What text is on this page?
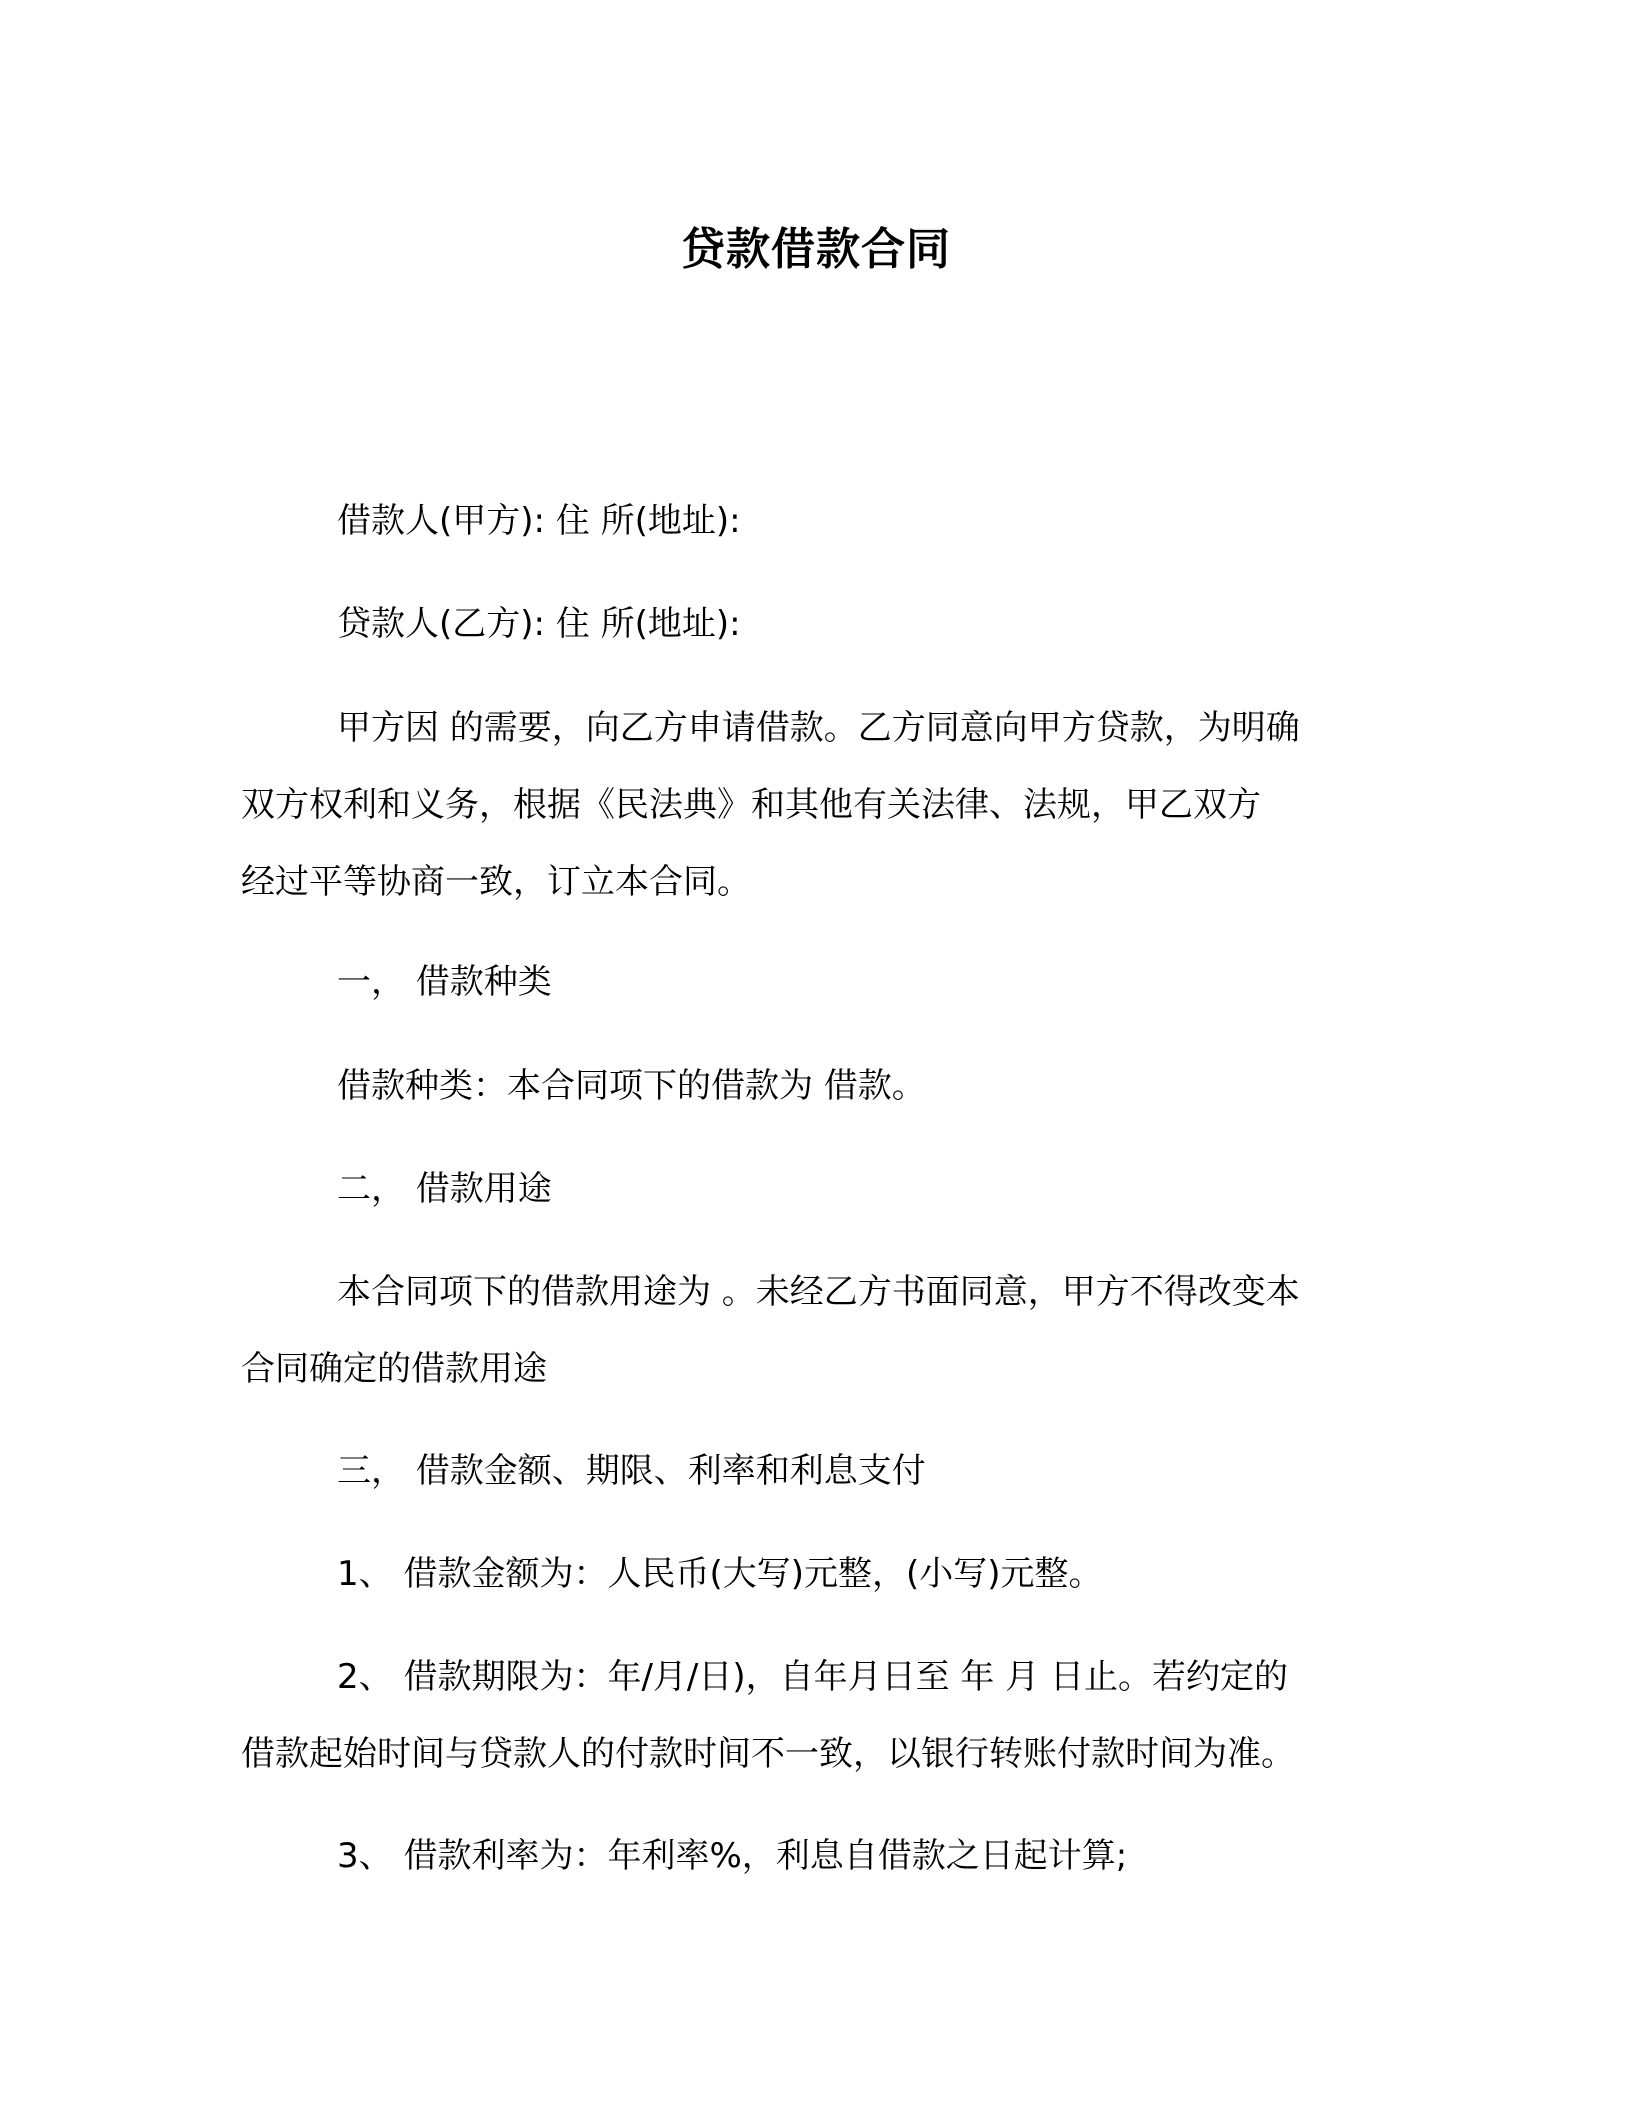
贷款借款合同
借款人(甲方): 住 所(地址):
贷款人(乙方): 住 所(地址):
甲方因 的需要，向乙方申请借款。乙方同意向甲方贷款，为明确
双方权利和义务，根据《民法典》和其他有关法律、法规，甲乙双方
经过平等协商一致，订立本合同。
一， 借款种类
借款种类：本合同项下的借款为 借款。
二， 借款用途
本合同项下的借款用途为 。未经乙方书面同意，甲方不得改变本
合同确定的借款用途
三， 借款金额、期限、利率和利息支付
1、 借款金额为：人民币(大写)元整，(小写)元整。
2、 借款期限为：年/月/日)，自年月日至 年 月 日止。若约定的
借款起始时间与贷款人的付款时间不一致，以银行转账付款时间为准。
3、 借款利率为：年利率%，利息自借款之日起计算;
